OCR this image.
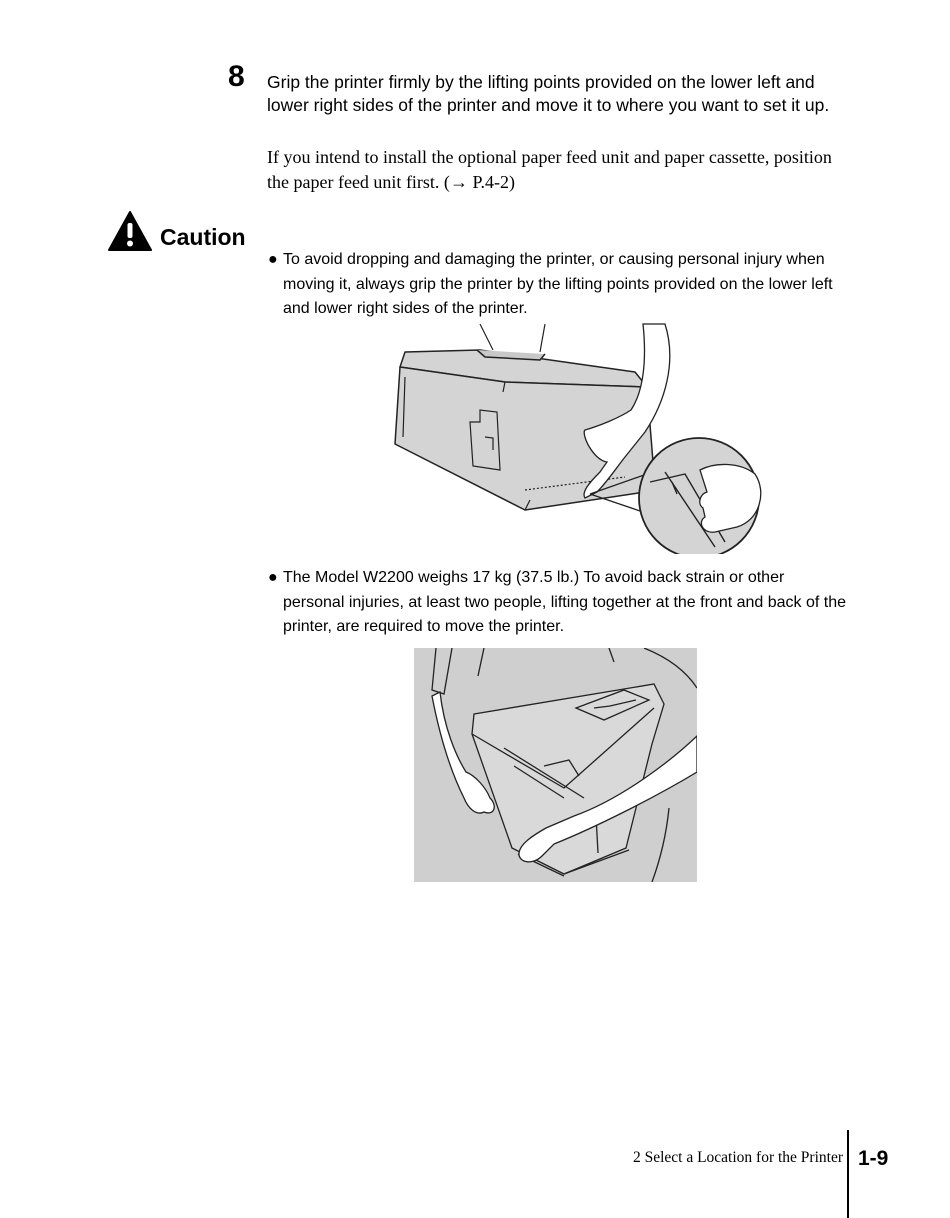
8 Grip the printer firmly by the lifting points provided on the lower left and lower right sides of the printer and move it to where you want to set it up.
If you intend to install the optional paper feed unit and paper cassette, position the paper feed unit first. (→ P.4-2)
Caution
● To avoid dropping and damaging the printer, or causing personal injury when moving it, always grip the printer by the lifting points provided on the lower left and lower right sides of the printer.
● The Model W2200 weighs 17 kg (37.5 lb.) To avoid back strain or other personal injuries, at least two people, lifting together at the front and back of the printer, are required to move the printer.
2 Select a Location for the Printer 1-9
